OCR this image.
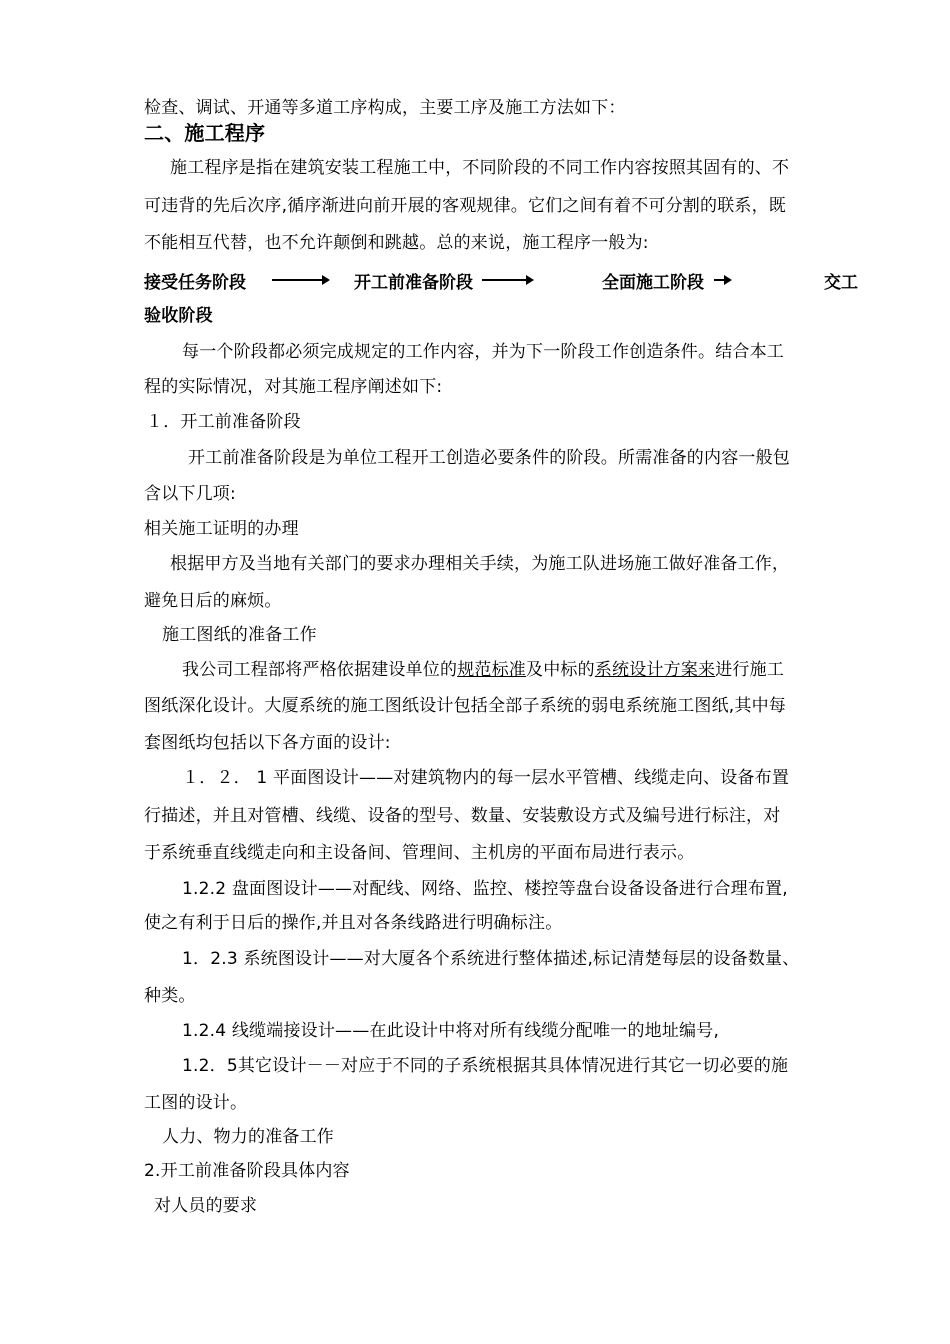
检查、调试、开通等多道工序构成，主要工序及施工方法如下：
二、施工程序
施工程序是指在建筑安装工程施工中，不同阶段的不同工作内容按照其固有的、不
可违背的先后次序,循序渐进向前开展的客观规律。它们之间有着不可分割的联系，既
不能相互代替，也不允许颠倒和跳越。总的来说，施工程序一般为:
接受任务阶段	开工前准备阶段	全面施工阶段	交工
验收阶段
每一个阶段都必须完成规定的工作内容，并为下一阶段工作创造条件。结合本工
程的实际情况，对其施工程序阐述如下:
１．开工前准备阶段
开工前准备阶段是为单位工程开工创造必要条件的阶段。所需准备的内容一般包
含以下几项:
相关施工证明的办理
根据甲方及当地有关部门的要求办理相关手续，为施工队进场施工做好准备工作，
避免日后的麻烦。
施工图纸的准备工作
我公司工程部将严格依据建设单位的规范标准及中标的系统设计方案来进行施工
图纸深化设计。大厦系统的施工图纸设计包括全部子系统的弱电系统施工图纸,其中每
套图纸均包括以下各方面的设计:
１．２． 1 平面图设计——对建筑物内的每一层水平管槽、线缆走向、设备布置
行描述，并且对管槽、线缆、设备的型号、数量、安装敷设方式及编号进行标注，对
于系统垂直线缆走向和主设备间、管理间、主机房的平面布局进行表示。
1.2.2 盘面图设计——对配线、网络、监控、楼控等盘台设备设备进行合理布置,
使之有利于日后的操作,并且对各条线路进行明确标注。
1．2.3 系统图设计——对大厦各个系统进行整体描述,标记清楚每层的设备数量、
种类。
1.2.4 线缆端接设计——在此设计中将对所有线缆分配唯一的地址编号,
1.2．5其它设计－－对应于不同的子系统根据其具体情况进行其它一切必要的施
工图的设计。
人力、物力的准备工作
2.开工前准备阶段具体内容
对人员的要求
